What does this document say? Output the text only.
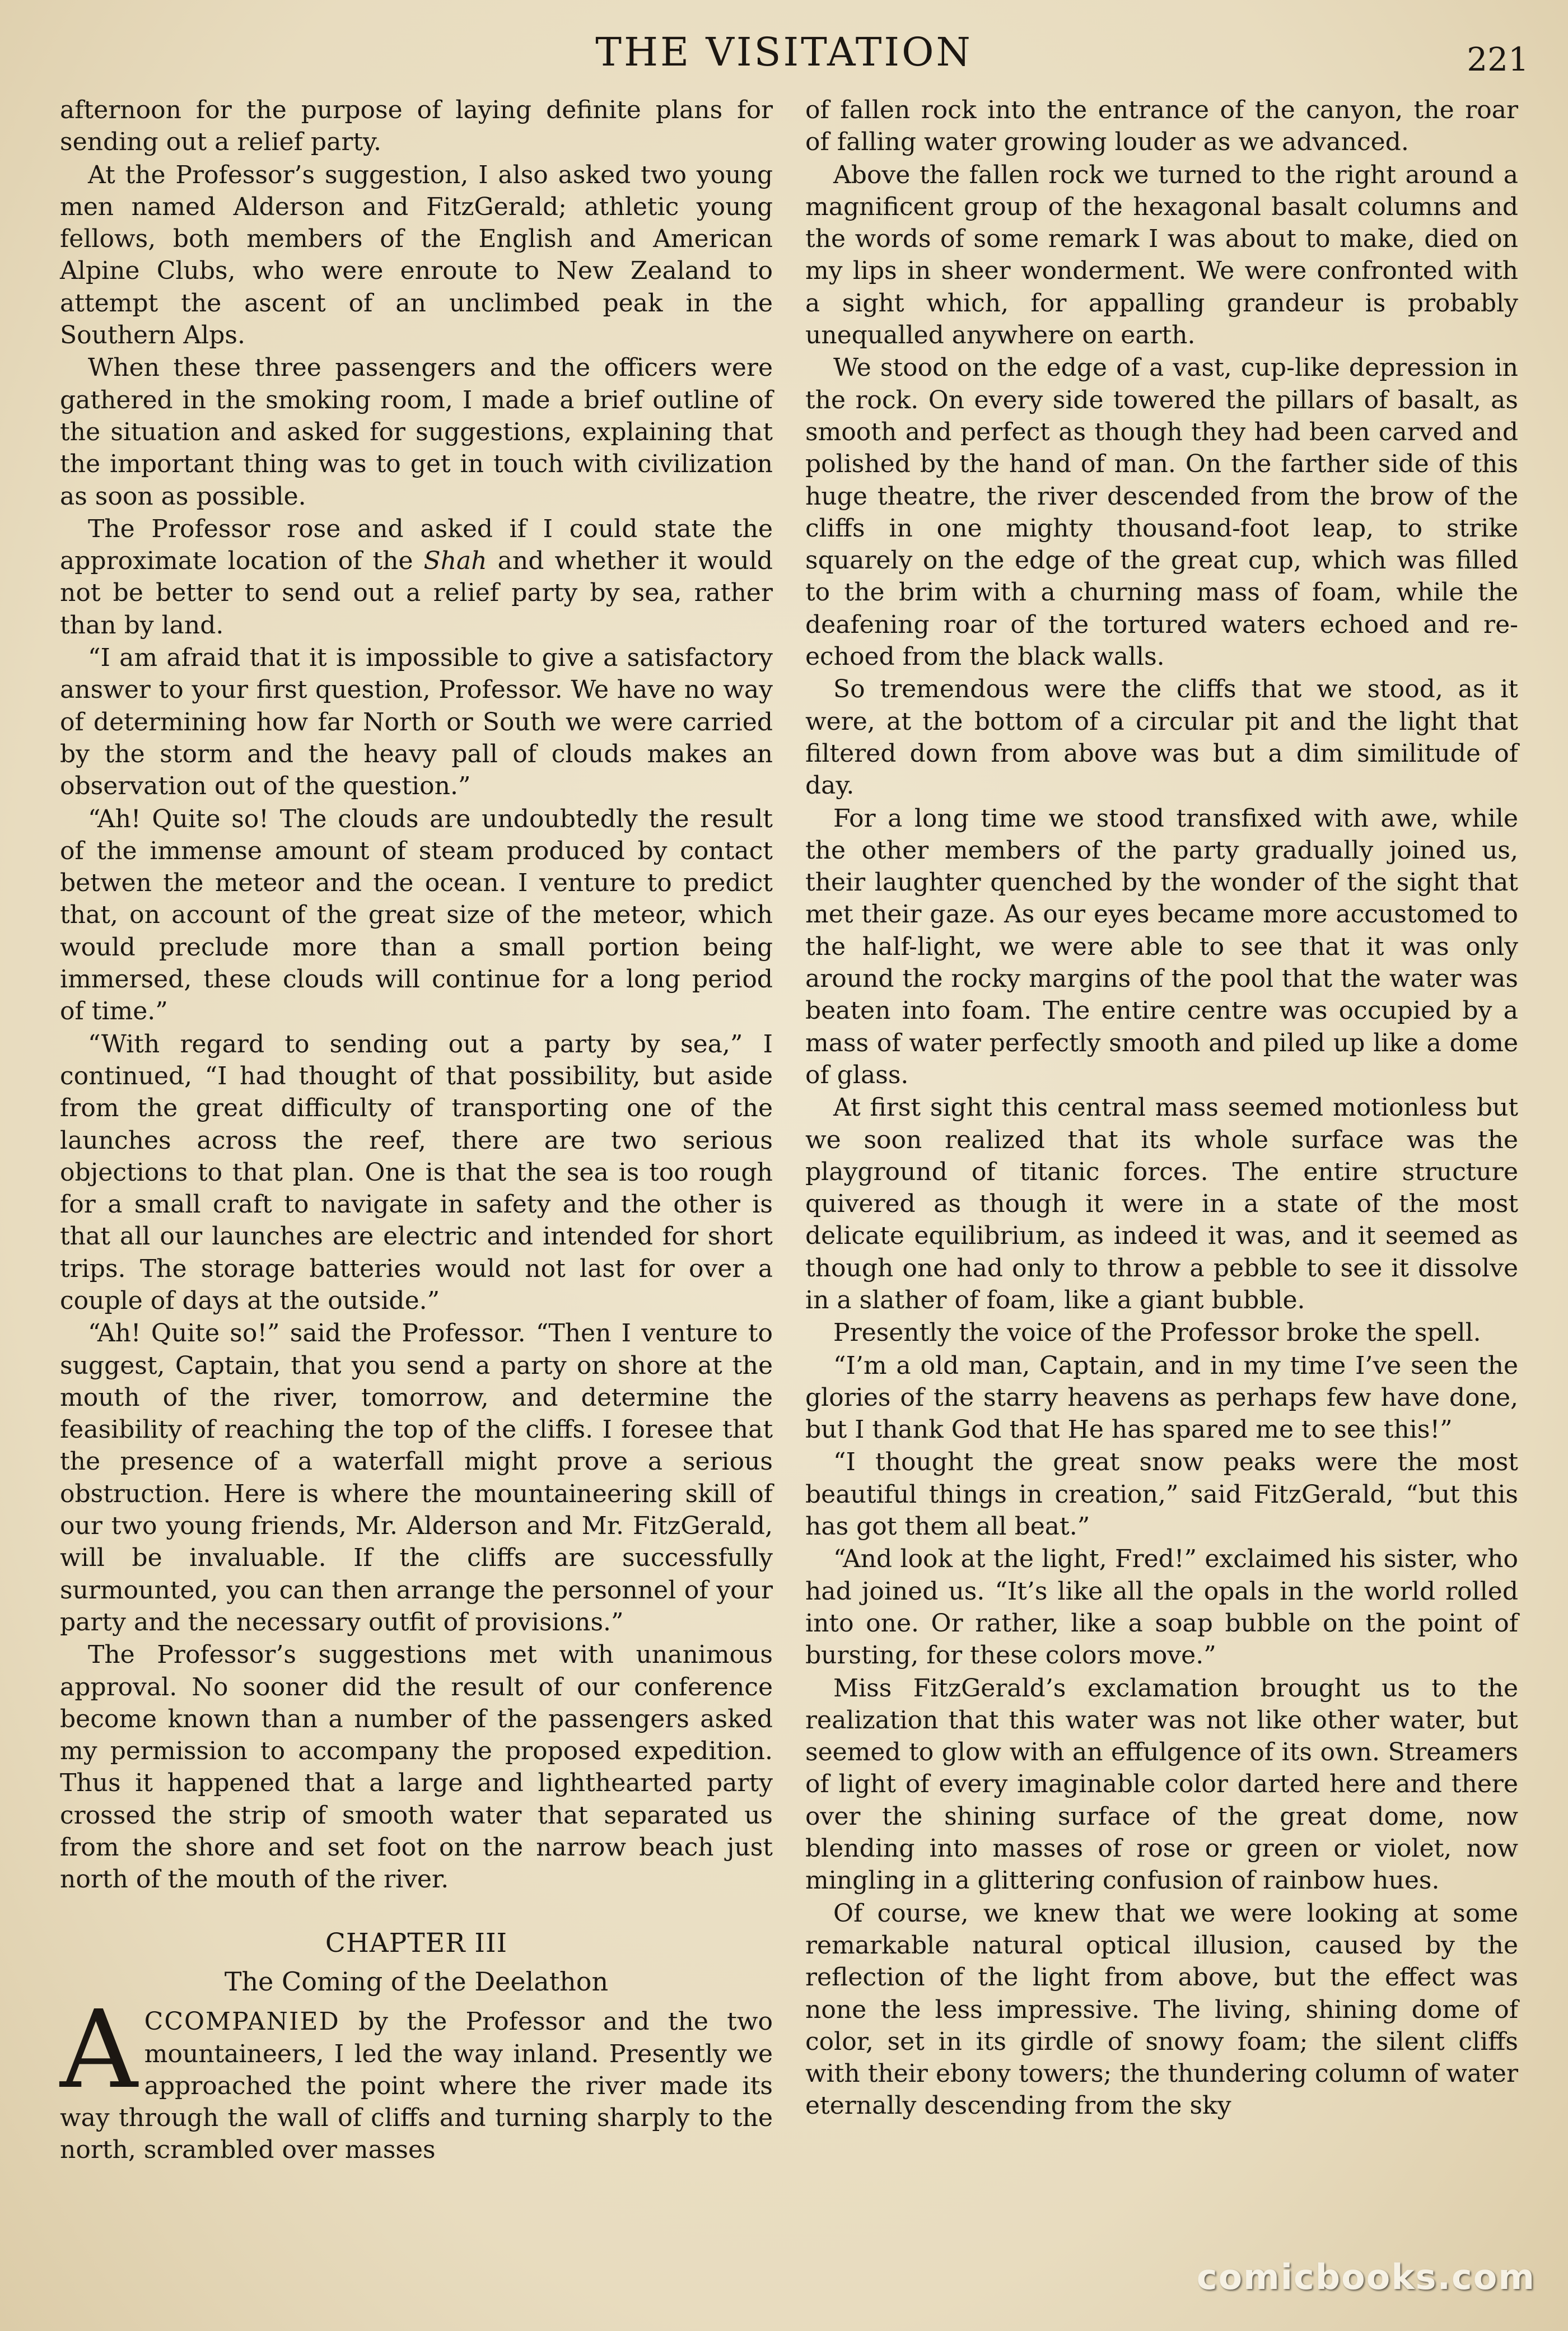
THE VISITATION	221

afternoon for the purpose of laying definite plans for sending out a relief party.

At the Professor’s suggestion, I also asked two young men named Alderson and FitzGerald; athletic young fellows, both members of the English and American Alpine Clubs, who were enroute to New Zealand to attempt the ascent of an unclimbed peak in the Southern Alps.

When these three passengers and the officers were gathered in the smoking room, I made a brief outline of the situation and asked for suggestions, explaining that the important thing was to get in touch with civilization as soon as possible.

The Professor rose and asked if I could state the approximate location of the Shah and whether it would not be better to send out a relief party by sea, rather than by land.

“I am afraid that it is impossible to give a satisfactory answer to your first question, Professor. We have no way of determining how far North or South we were carried by the storm and the heavy pall of clouds makes an observation out of the question.”

“Ah! Quite so! The clouds are undoubtedly the result of the immense amount of steam produced by contact betwen the meteor and the ocean. I venture to predict that, on account of the great size of the meteor, which would preclude more than a small portion being immersed, these clouds will continue for a long period of time.”

“With regard to sending out a party by sea,” I continued, “I had thought of that possibility, but aside from the great difficulty of transporting one of the launches across the reef, there are two serious objections to that plan. One is that the sea is too rough for a small craft to navigate in safety and the other is that all our launches are electric and intended for short trips. The storage batteries would not last for over a couple of days at the outside.”

“Ah! Quite so!” said the Professor. “Then I venture to suggest, Captain, that you send a party on shore at the mouth of the river, tomorrow, and determine the feasibility of reaching the top of the cliffs. I foresee that the presence of a waterfall might prove a serious obstruction. Here is where the mountaineering skill of our two young friends, Mr. Alderson and Mr. FitzGerald, will be invaluable. If the cliffs are successfully surmounted, you can then arrange the personnel of your party and the necessary outfit of provisions.”

The Professor’s suggestions met with unanimous approval. No sooner did the result of our conference become known than a number of the passengers asked my permission to accompany the proposed expedition. Thus it happened that a large and lighthearted party crossed the strip of smooth water that separated us from the shore and set foot on the narrow beach just north of the mouth of the river.

CHAPTER III
The Coming of the Deelathon

ACCOMPANIED by the Professor and the two mountaineers, I led the way inland. Presently we approached the point where the river made its way through the wall of cliffs and turning sharply to the north, scrambled over masses

of fallen rock into the entrance of the canyon, the roar of falling water growing louder as we advanced.

Above the fallen rock we turned to the right around a magnificent group of the hexagonal basalt columns and the words of some remark I was about to make, died on my lips in sheer wonderment. We were confronted with a sight which, for appalling grandeur is probably unequalled anywhere on earth.

We stood on the edge of a vast, cup-like depression in the rock. On every side towered the pillars of basalt, as smooth and perfect as though they had been carved and polished by the hand of man. On the farther side of this huge theatre, the river descended from the brow of the cliffs in one mighty thousand-foot leap, to strike squarely on the edge of the great cup, which was filled to the brim with a churning mass of foam, while the deafening roar of the tortured waters echoed and re-echoed from the black walls.

So tremendous were the cliffs that we stood, as it were, at the bottom of a circular pit and the light that filtered down from above was but a dim similitude of day.

For a long time we stood transfixed with awe, while the other members of the party gradually joined us, their laughter quenched by the wonder of the sight that met their gaze. As our eyes became more accustomed to the half-light, we were able to see that it was only around the rocky margins of the pool that the water was beaten into foam. The entire centre was occupied by a mass of water perfectly smooth and piled up like a dome of glass.

At first sight this central mass seemed motionless but we soon realized that its whole surface was the playground of titanic forces. The entire structure quivered as though it were in a state of the most delicate equilibrium, as indeed it was, and it seemed as though one had only to throw a pebble to see it dissolve in a slather of foam, like a giant bubble.

Presently the voice of the Professor broke the spell.

“I’m a old man, Captain, and in my time I’ve seen the glories of the starry heavens as perhaps few have done, but I thank God that He has spared me to see this!”

“I thought the great snow peaks were the most beautiful things in creation,” said FitzGerald, “but this has got them all beat.”

“And look at the light, Fred!” exclaimed his sister, who had joined us. “It’s like all the opals in the world rolled into one. Or rather, like a soap bubble on the point of bursting, for these colors move.”

Miss FitzGerald’s exclamation brought us to the realization that this water was not like other water, but seemed to glow with an effulgence of its own. Streamers of light of every imaginable color darted here and there over the shining surface of the great dome, now blending into masses of rose or green or violet, now mingling in a glittering confusion of rainbow hues.

Of course, we knew that we were looking at some remarkable natural optical illusion, caused by the reflection of the light from above, but the effect was none the less impressive. The living, shining dome of color, set in its girdle of snowy foam; the silent cliffs with their ebony towers; the thundering column of water eternally descending from the sky

comicbooks.com
